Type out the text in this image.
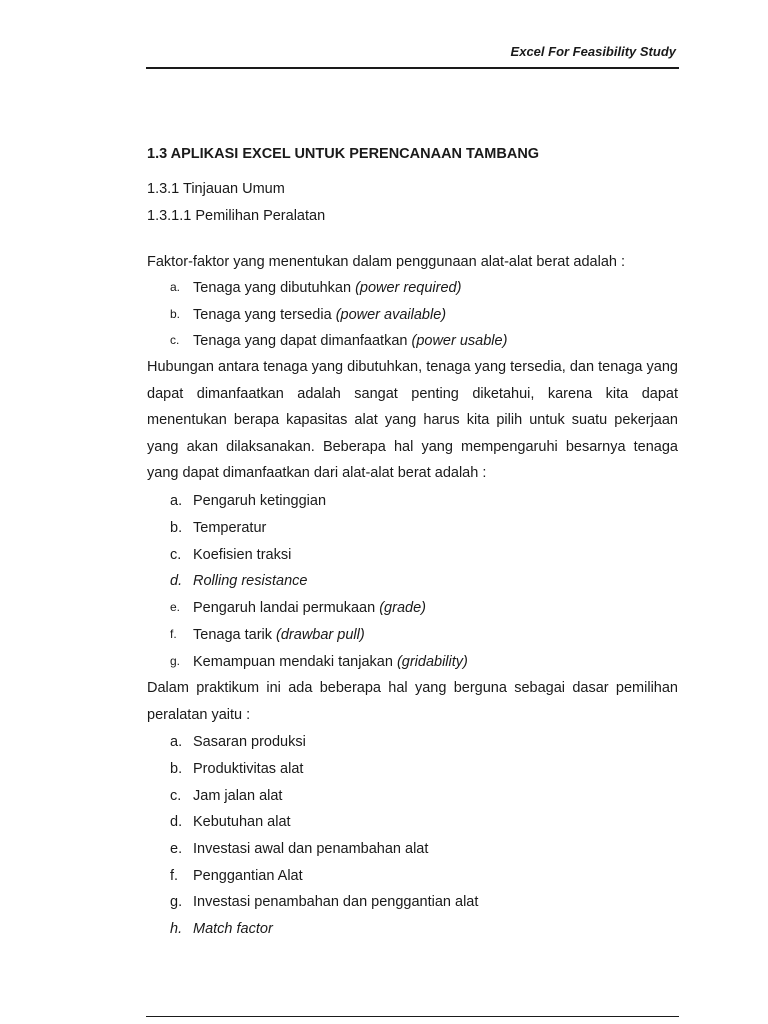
Excel For Feasibility Study
1.3 APLIKASI EXCEL UNTUK PERENCANAAN TAMBANG
1.3.1 Tinjauan Umum
1.3.1.1 Pemilihan Peralatan
Faktor-faktor yang menentukan dalam penggunaan alat-alat berat adalah :
a. Tenaga yang dibutuhkan (power required)
b. Tenaga yang tersedia (power available)
c. Tenaga yang dapat dimanfaatkan (power usable)
Hubungan antara tenaga yang dibutuhkan, tenaga yang tersedia, dan tenaga yang dapat dimanfaatkan adalah sangat penting diketahui, karena kita dapat menentukan berapa kapasitas alat yang harus kita pilih untuk suatu pekerjaan yang akan dilaksanakan. Beberapa hal yang mempengaruhi besarnya tenaga yang dapat dimanfaatkan dari alat-alat berat adalah :
a. Pengaruh ketinggian
b. Temperatur
c. Koefisien traksi
d. Rolling resistance
e. Pengaruh landai permukaan (grade)
f.	Tenaga tarik (drawbar pull)
g. Kemampuan mendaki tanjakan (gridability)
Dalam praktikum ini ada beberapa hal yang berguna sebagai dasar pemilihan peralatan yaitu :
a. Sasaran produksi
b. Produktivitas alat
c. Jam jalan alat
d. Kebutuhan alat
e. Investasi awal dan penambahan alat
f.	Penggantian Alat
g. Investasi penambahan dan penggantian alat
h. Match factor
